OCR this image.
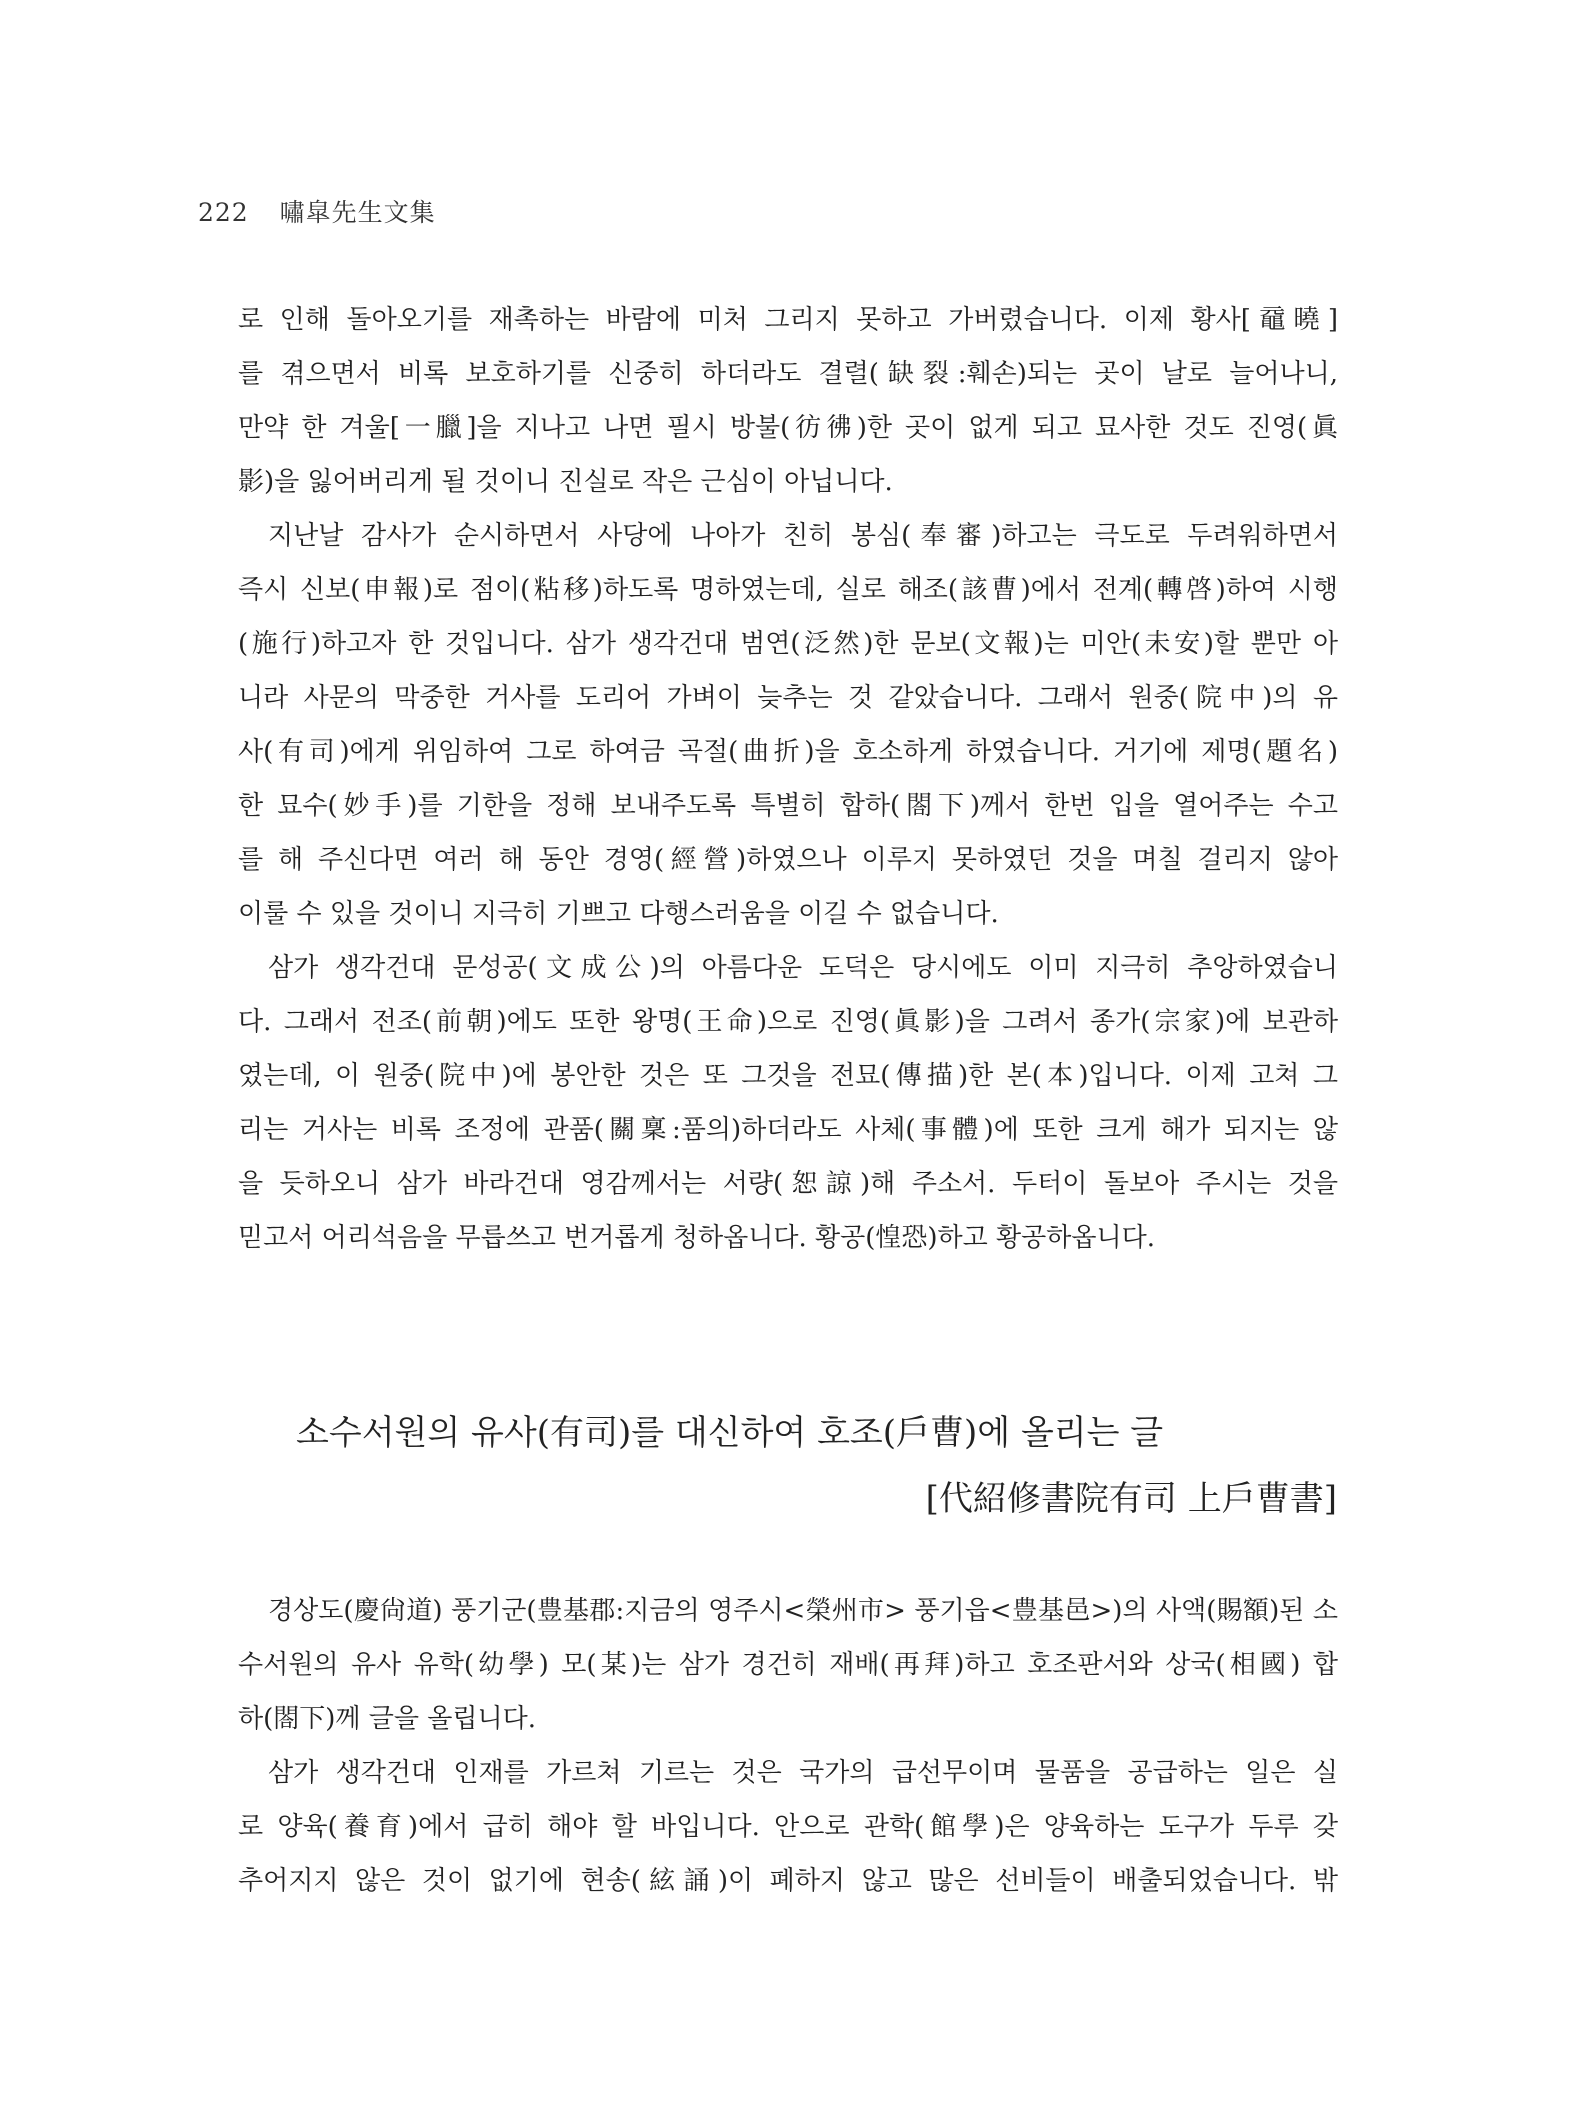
222 嘯皐先生文集
로 인해 돌아오기를 재촉하는 바람에 미처 그리지 못하고 가버렸습니다. 이제 황사[黿曉]
를 겪으면서 비록 보호하기를 신중히 하더라도 결렬(缺裂:훼손)되는 곳이 날로 늘어나니,
만약 한 겨울[一臘]을 지나고 나면 필시 방불(彷彿)한 곳이 없게 되고 묘사한 것도 진영(眞
影)을 잃어버리게 될 것이니 진실로 작은 근심이 아닙니다.
지난날 감사가 순시하면서 사당에 나아가 친히 봉심(奉審)하고는 극도로 두려워하면서
즉시 신보(申報)로 점이(粘移)하도록 명하였는데, 실로 해조(該曹)에서 전계(轉啓)하여 시행
(施行)하고자 한 것입니다. 삼가 생각건대 범연(泛然)한 문보(文報)는 미안(未安)할 뿐만 아
니라 사문의 막중한 거사를 도리어 가벼이 늦추는 것 같았습니다. 그래서 원중(院中)의 유
사(有司)에게 위임하여 그로 하여금 곡절(曲折)을 호소하게 하였습니다. 거기에 제명(題名)
한 묘수(妙手)를 기한을 정해 보내주도록 특별히 합하(閤下)께서 한번 입을 열어주는 수고
를 해 주신다면 여러 해 동안 경영(經營)하였으나 이루지 못하였던 것을 며칠 걸리지 않아
이룰 수 있을 것이니 지극히 기쁘고 다행스러움을 이길 수 없습니다.
삼가 생각건대 문성공(文成公)의 아름다운 도덕은 당시에도 이미 지극히 추앙하였습니
다. 그래서 전조(前朝)에도 또한 왕명(王命)으로 진영(眞影)을 그려서 종가(宗家)에 보관하
였는데, 이 원중(院中)에 봉안한 것은 또 그것을 전묘(傳描)한 본(本)입니다. 이제 고쳐 그
리는 거사는 비록 조정에 관품(關稟:품의)하더라도 사체(事體)에 또한 크게 해가 되지는 않
을 듯하오니 삼가 바라건대 영감께서는 서량(恕諒)해 주소서. 두터이 돌보아 주시는 것을
믿고서 어리석음을 무릅쓰고 번거롭게 청하옵니다. 황공(惶恐)하고 황공하옵니다.
소수서원의 유사(有司)를 대신하여 호조(戶曹)에 올리는 글
[代紹修書院有司 上戶曹書]
경상도(慶尙道) 풍기군(豊基郡:지금의 영주시<榮州市> 풍기읍<豊基邑>)의 사액(賜額)된 소
수서원의 유사 유학(幼學) 모(某)는 삼가 경건히 재배(再拜)하고 호조판서와 상국(相國) 합
하(閤下)께 글을 올립니다.
삼가 생각건대 인재를 가르쳐 기르는 것은 국가의 급선무이며 물품을 공급하는 일은 실
로 양육(養育)에서 급히 해야 할 바입니다. 안으로 관학(館學)은 양육하는 도구가 두루 갖
추어지지 않은 것이 없기에 현송(絃誦)이 폐하지 않고 많은 선비들이 배출되었습니다. 밖
